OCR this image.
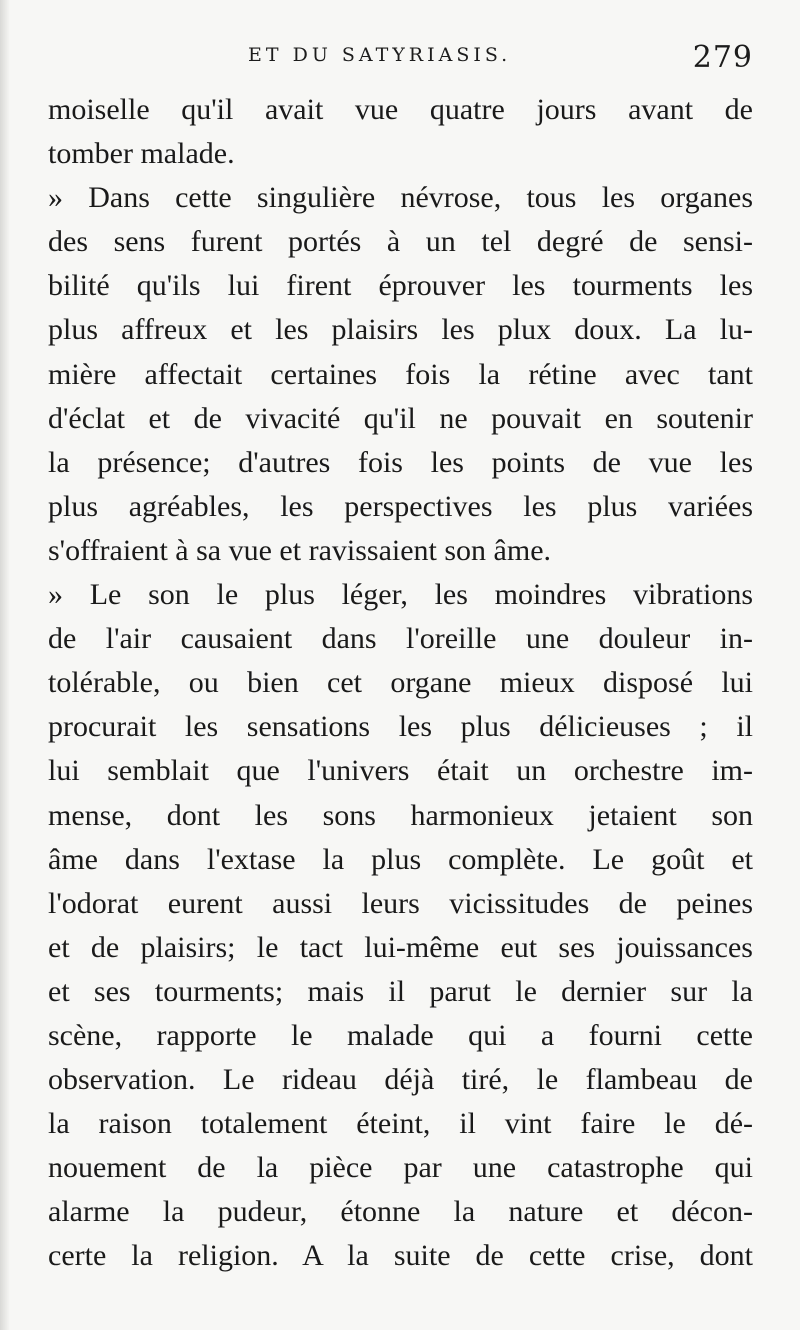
ET DU SATYRIASIS.	279
moiselle qu'il avait vue quatre jours avant de
tomber malade.
» Dans cette singulière névrose, tous les organes
des sens furent portés à un tel degré de sensi-
bilité qu'ils lui firent éprouver les tourments les
plus affreux et les plaisirs les plux doux. La lu-
mière affectait certaines fois la rétine avec tant
d'éclat et de vivacité qu'il ne pouvait en soutenir
la présence; d'autres fois les points de vue les
plus agréables, les perspectives les plus variées
s'offraient à sa vue et ravissaient son âme.
» Le son le plus léger, les moindres vibrations
de l'air causaient dans l'oreille une douleur in-
tolérable, ou bien cet organe mieux disposé lui
procurait les sensations les plus délicieuses ; il
lui semblait que l'univers était un orchestre im-
mense, dont les sons harmonieux jetaient son
âme dans l'extase la plus complète. Le goût et
l'odorat eurent aussi leurs vicissitudes de peines
et de plaisirs; le tact lui-même eut ses jouissances
et ses tourments; mais il parut le dernier sur la
scène, rapporte le malade qui a fourni cette
observation. Le rideau déjà tiré, le flambeau de
la raison totalement éteint, il vint faire le dé-
nouement de la pièce par une catastrophe qui
alarme la pudeur, étonne la nature et décon-
certe la religion. A la suite de cette crise, dont
